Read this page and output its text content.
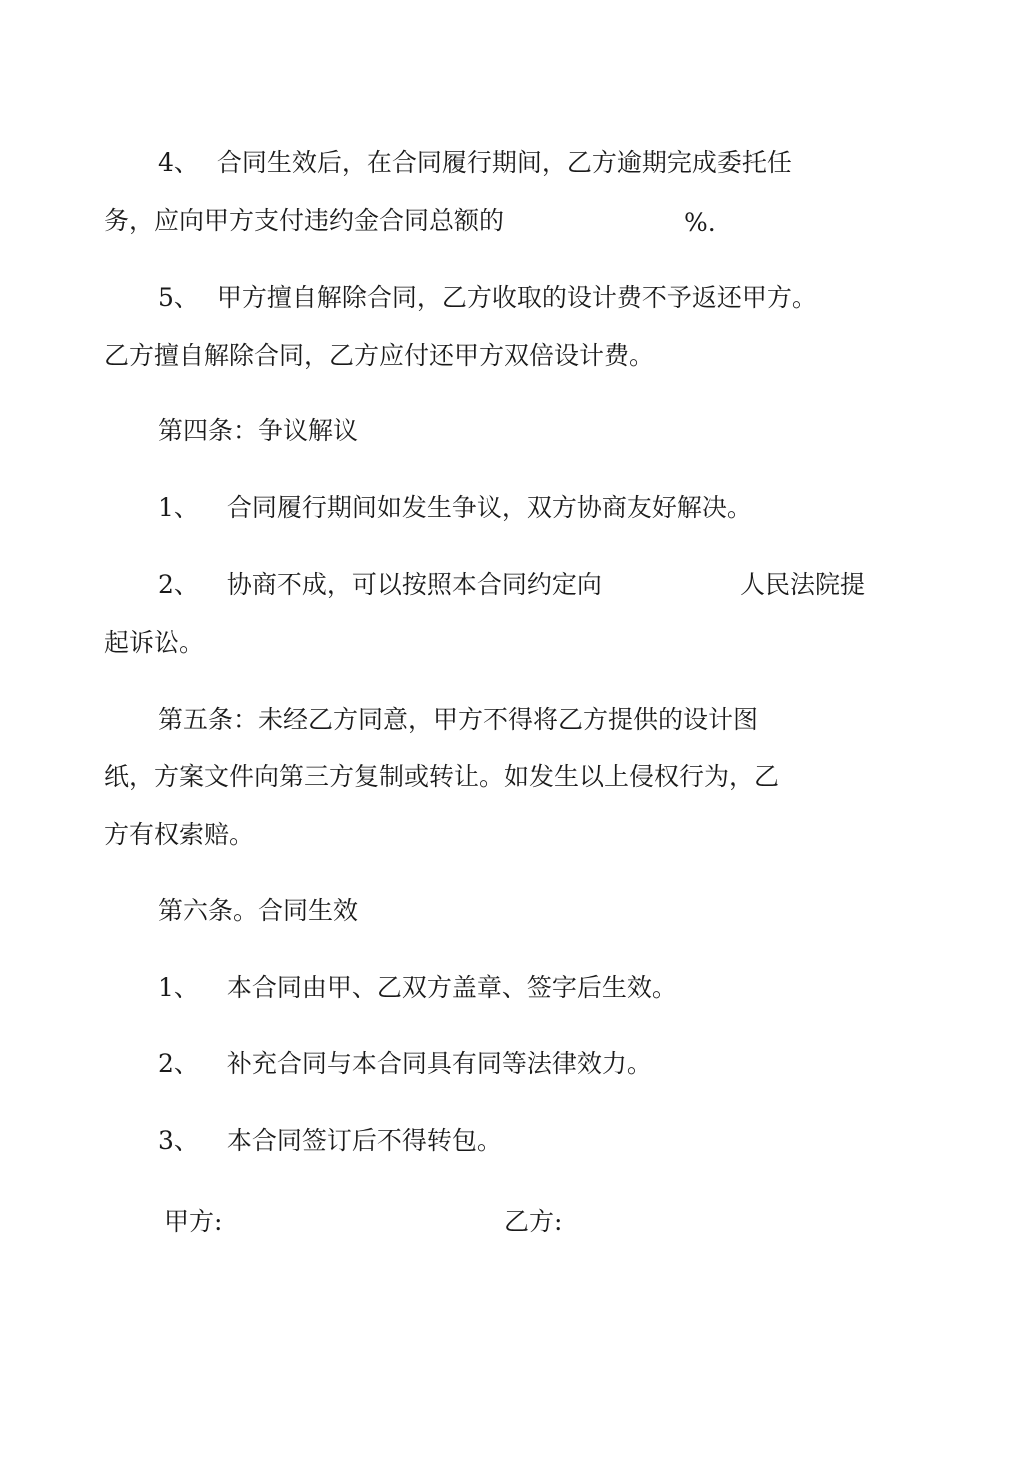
4、 合同生效后，在合同履行期间，乙方逾期完成委托任
务，应向甲方支付违约金合同总额的	%.
5、 甲方擅自解除合同，乙方收取的设计费不予返还甲方。
乙方擅自解除合同，乙方应付还甲方双倍设计费。
第四条：争议解议
1、 合同履行期间如发生争议，双方协商友好解决。
2、 协商不成，可以按照本合同约定向	人民法院提
起诉讼。
第五条：未经乙方同意，甲方不得将乙方提供的设计图
纸，方案文件向第三方复制或转让。如发生以上侵权行为，乙
方有权索赔。
第六条。合同生效
1、 本合同由甲、乙双方盖章、签字后生效。
2、 补充合同与本合同具有同等法律效力。
3、 本合同签订后不得转包。
甲方:	乙方:
